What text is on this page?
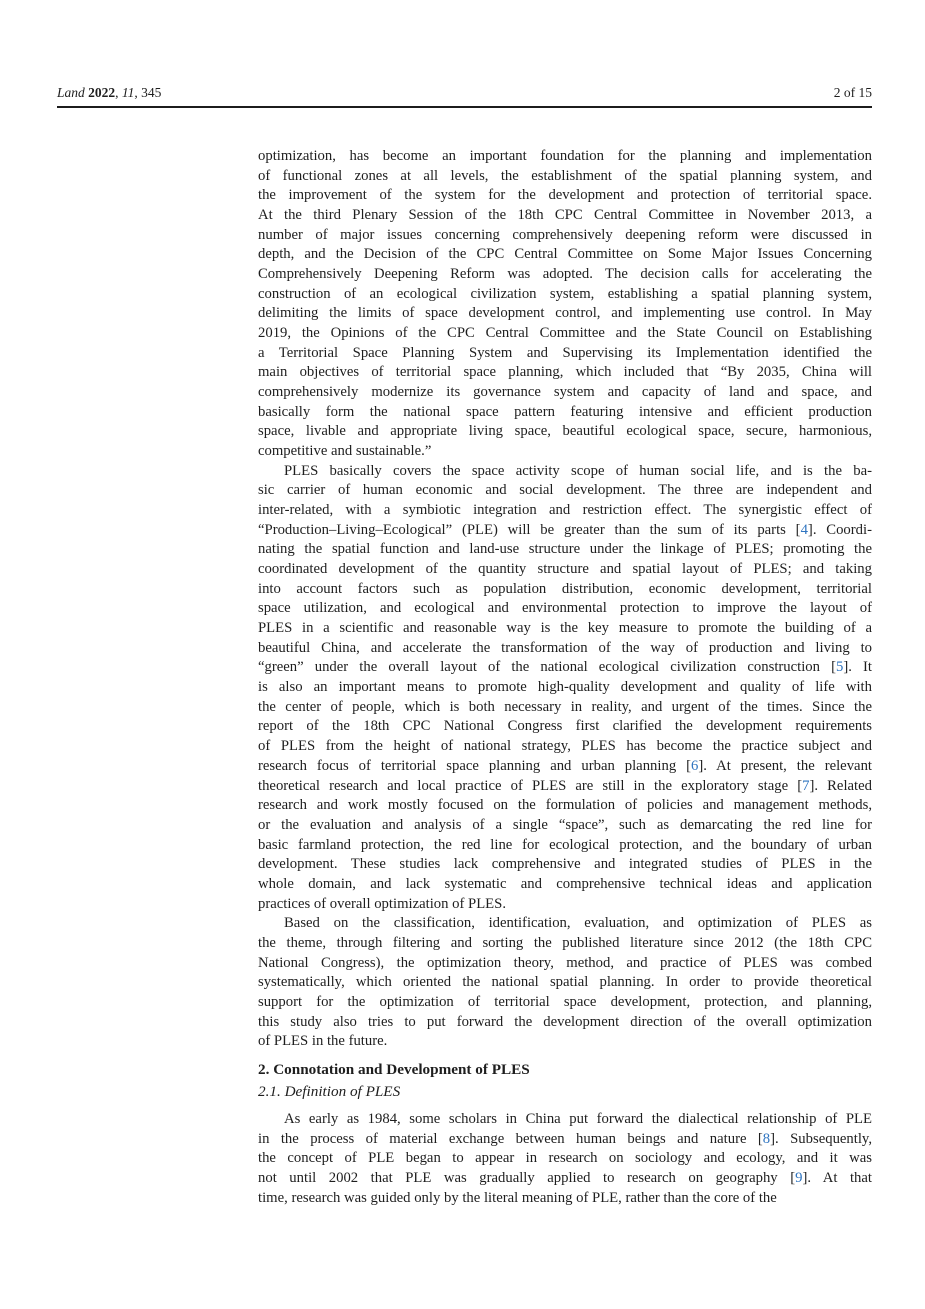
Land 2022, 11, 345	2 of 15
optimization, has become an important foundation for the planning and implementation
of functional zones at all levels, the establishment of the spatial planning system, and
the improvement of the system for the development and protection of territorial space.
At the third Plenary Session of the 18th CPC Central Committee in November 2013, a
number of major issues concerning comprehensively deepening reform were discussed in
depth, and the Decision of the CPC Central Committee on Some Major Issues Concerning
Comprehensively Deepening Reform was adopted. The decision calls for accelerating the
construction of an ecological civilization system, establishing a spatial planning system,
delimiting the limits of space development control, and implementing use control. In May
2019, the Opinions of the CPC Central Committee and the State Council on Establishing
a Territorial Space Planning System and Supervising its Implementation identified the
main objectives of territorial space planning, which included that “By 2035, China will
comprehensively modernize its governance system and capacity of land and space, and
basically form the national space pattern featuring intensive and efficient production
space, livable and appropriate living space, beautiful ecological space, secure, harmonious,
competitive and sustainable.”
PLES basically covers the space activity scope of human social life, and is the ba-
sic carrier of human economic and social development. The three are independent and
inter-related, with a symbiotic integration and restriction effect. The synergistic effect of
“Production–Living–Ecological” (PLE) will be greater than the sum of its parts [4]. Coordi-
nating the spatial function and land-use structure under the linkage of PLES; promoting the
coordinated development of the quantity structure and spatial layout of PLES; and taking
into account factors such as population distribution, economic development, territorial
space utilization, and ecological and environmental protection to improve the layout of
PLES in a scientific and reasonable way is the key measure to promote the building of a
beautiful China, and accelerate the transformation of the way of production and living to
“green” under the overall layout of the national ecological civilization construction [5]. It
is also an important means to promote high-quality development and quality of life with
the center of people, which is both necessary in reality, and urgent of the times. Since the
report of the 18th CPC National Congress first clarified the development requirements
of PLES from the height of national strategy, PLES has become the practice subject and
research focus of territorial space planning and urban planning [6]. At present, the relevant
theoretical research and local practice of PLES are still in the exploratory stage [7]. Related
research and work mostly focused on the formulation of policies and management methods,
or the evaluation and analysis of a single “space”, such as demarcating the red line for
basic farmland protection, the red line for ecological protection, and the boundary of urban
development. These studies lack comprehensive and integrated studies of PLES in the
whole domain, and lack systematic and comprehensive technical ideas and application
practices of overall optimization of PLES.
Based on the classification, identification, evaluation, and optimization of PLES as
the theme, through filtering and sorting the published literature since 2012 (the 18th CPC
National Congress), the optimization theory, method, and practice of PLES was combed
systematically, which oriented the national spatial planning. In order to provide theoretical
support for the optimization of territorial space development, protection, and planning,
this study also tries to put forward the development direction of the overall optimization
of PLES in the future.
2. Connotation and Development of PLES
2.1. Definition of PLES
As early as 1984, some scholars in China put forward the dialectical relationship of PLE
in the process of material exchange between human beings and nature [8]. Subsequently,
the concept of PLE began to appear in research on sociology and ecology, and it was
not until 2002 that PLE was gradually applied to research on geography [9]. At that
time, research was guided only by the literal meaning of PLE, rather than the core of the
